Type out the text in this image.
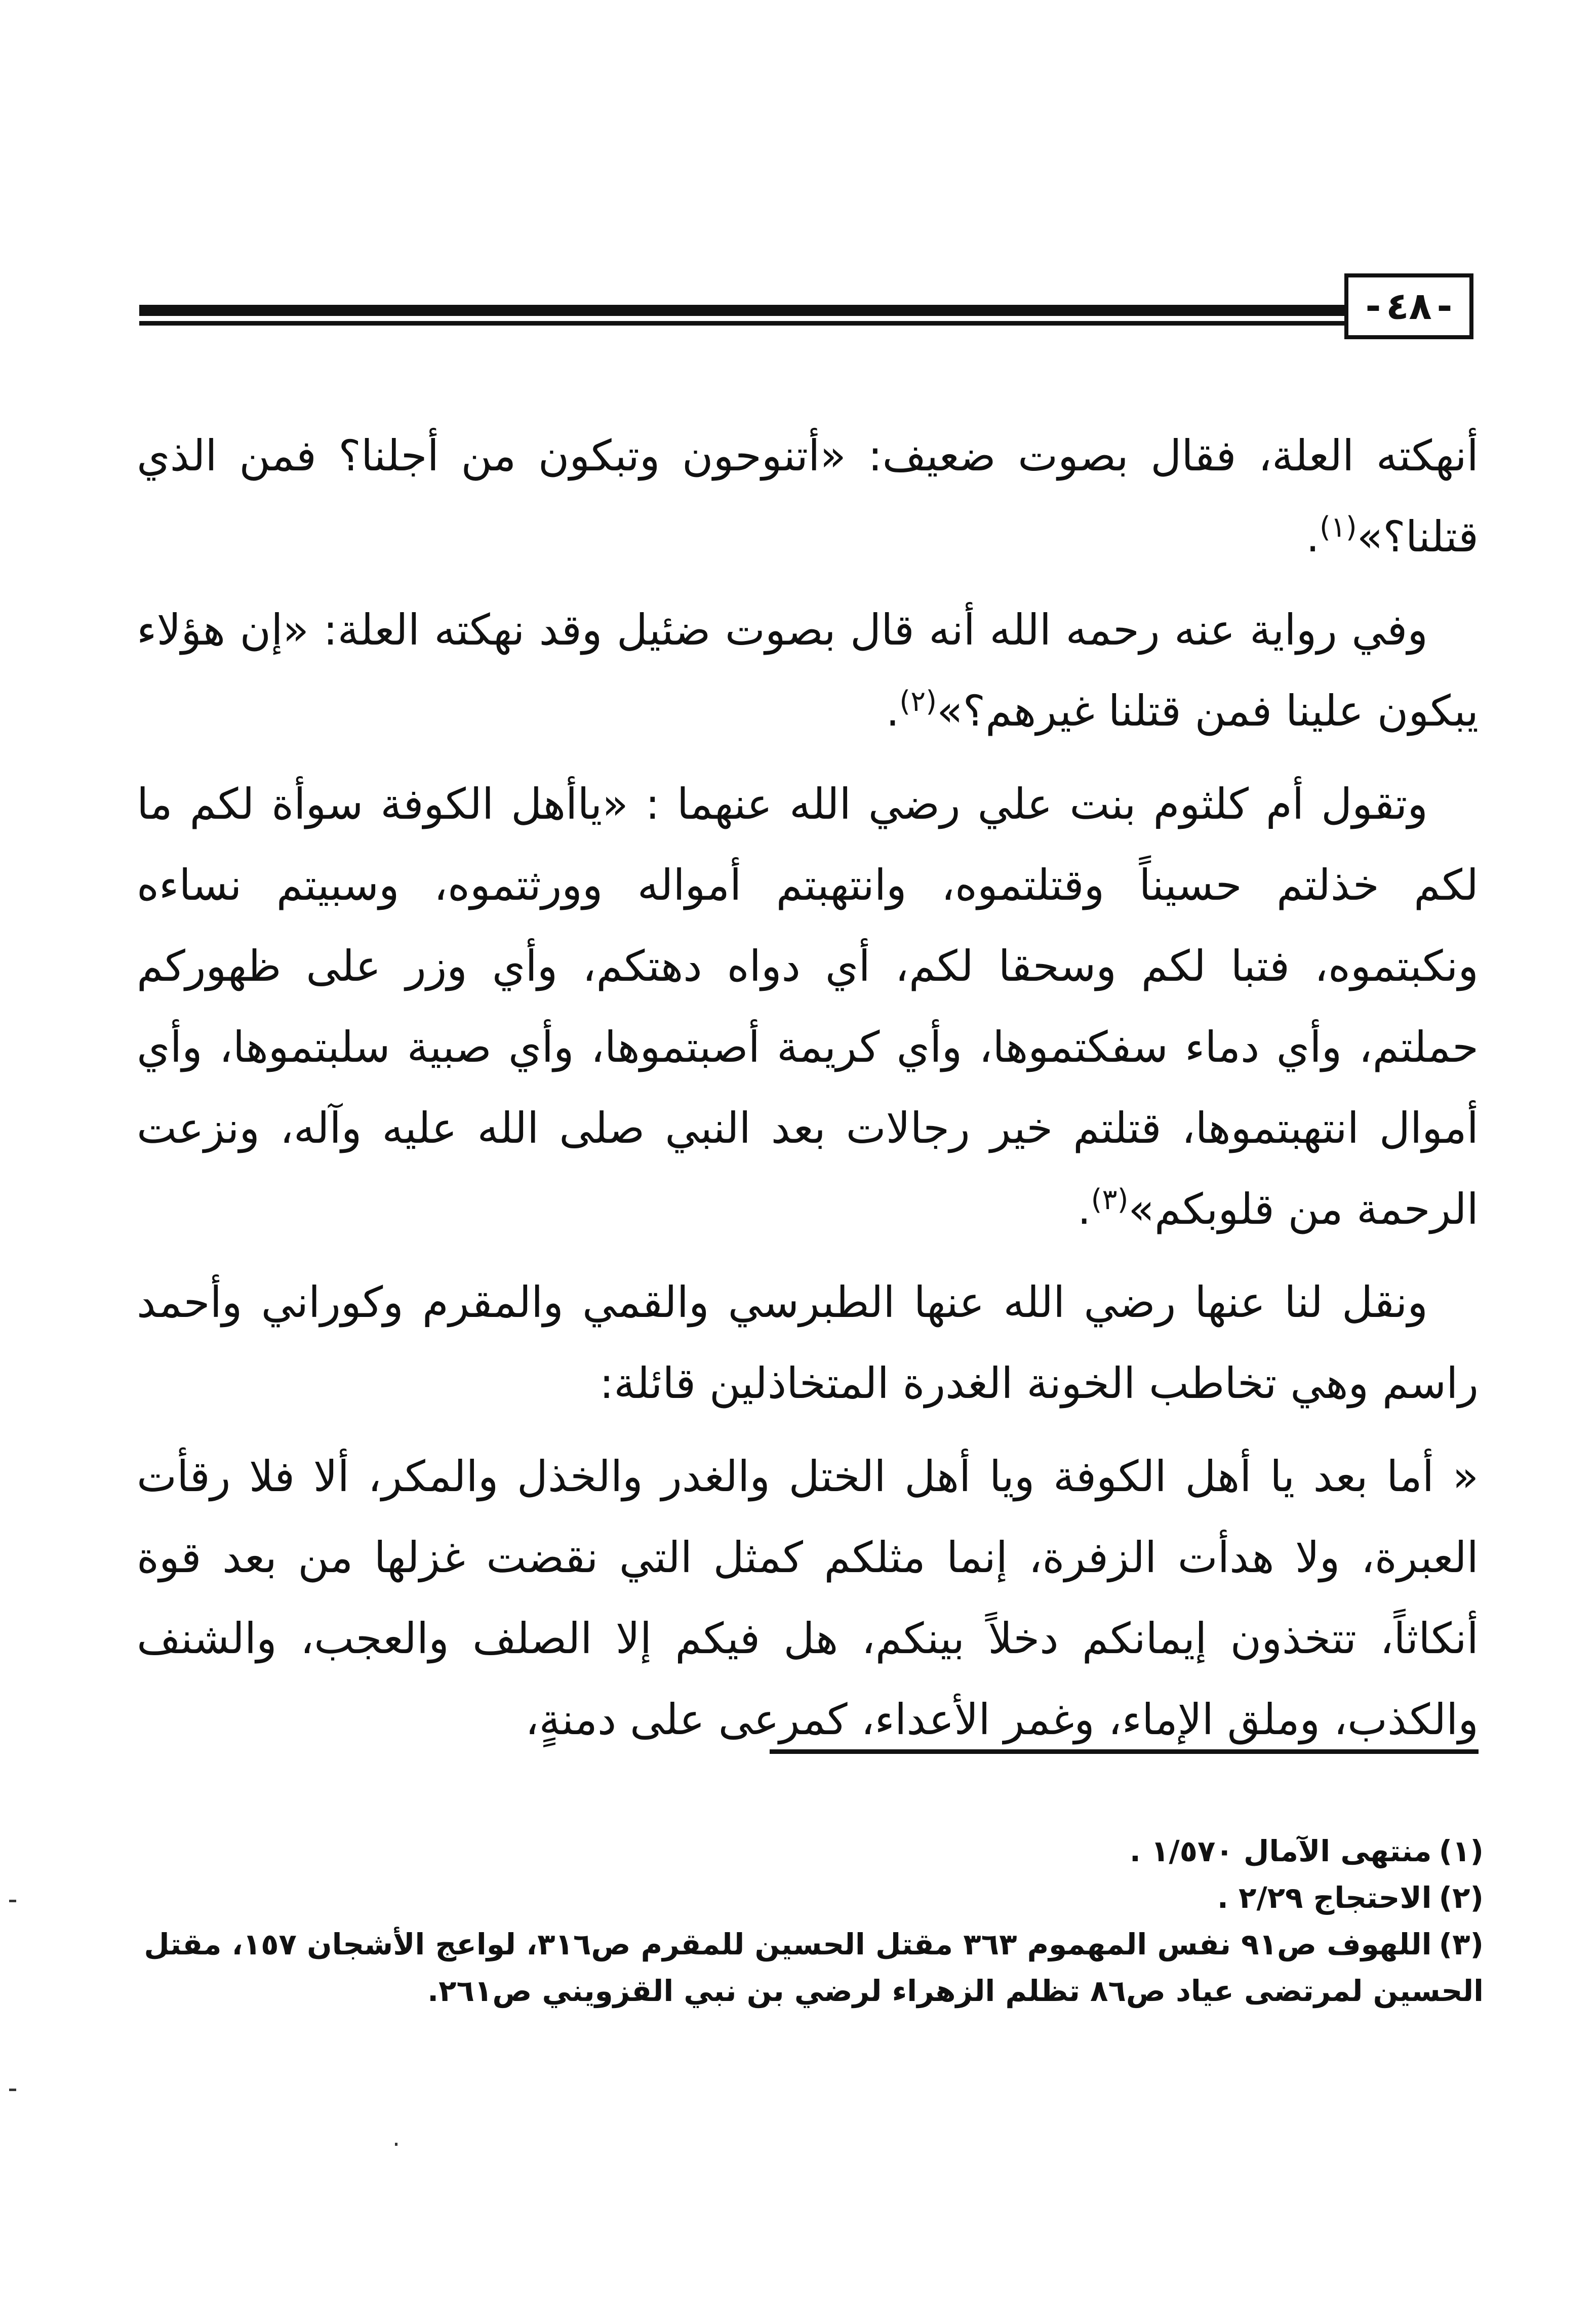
-
٤٨
-

أنهكته العلة، فقال بصوت ضعيف: «أتنوحون وتبكون من أجلنا؟ فمن الذي قتلنا؟»$^{(١)}$.

وفي رواية عنه رحمه الله أنه قال بصوت ضئيل وقد نهكته العلة: «إن هؤلاء يبكون علينا فمن قتلنا غيرهم؟»$^{(٢)}$.

وتقول أم كلثوم بنت علي رضي الله عنهما : «ياأهل الكوفة سوأة لكم ما لكم خذلتم حسيناً وقتلتموه، وانتهبتم أمواله وورثتموه، وسبيتم نساءه ونكبتموه، فتبا لكم وسحقا لكم، أي دواه دهتكم، وأي وزر على ظهوركم حملتم، وأي دماء سفكتموها، وأي كريمة أصبتموها، وأي صبية سلبتموها، وأي أموال انتهبتموها، قتلتم خير رجالات بعد النبي صلى الله عليه وآله، ونزعت الرحمة من قلوبكم»$^{(٣)}$.

ونقل لنا عنها رضي الله عنها الطبرسي والقمي والمقرم وكوراني وأحمد راسم وهي تخاطب الخونة الغدرة المتخاذلين قائلة:

« أما بعد يا أهل الكوفة ويا أهل الختل والغدر والخذل والمكر، ألا فلا رقأت العبرة، ولا هدأت الزفرة، إنما مثلكم كمثل التي نقضت غزلها من بعد قوة أنكاثاً، تتخذون إيمانكم دخلاً بينكم، هل فيكم إلا الصلف والعجب، والشنف والكذب، وملق الإماء، وغمر الأعداء، كمرعى على دمنةٍ،

(١)منتهى الآمال ١/٥٧٠ .

(٢)الاحتجاج ٢/٢٩ .

(٣)اللهوف ص٩١ نفس المهموم ٣٦٣ مقتل الحسين للمقرم ص٣١٦، لواعج الأشجان ١٥٧، مقتل الحسين لمرتضى عياد ص٨٦ تظلم الزهراء لرضي بن نبي القزويني ص٢٦١.
